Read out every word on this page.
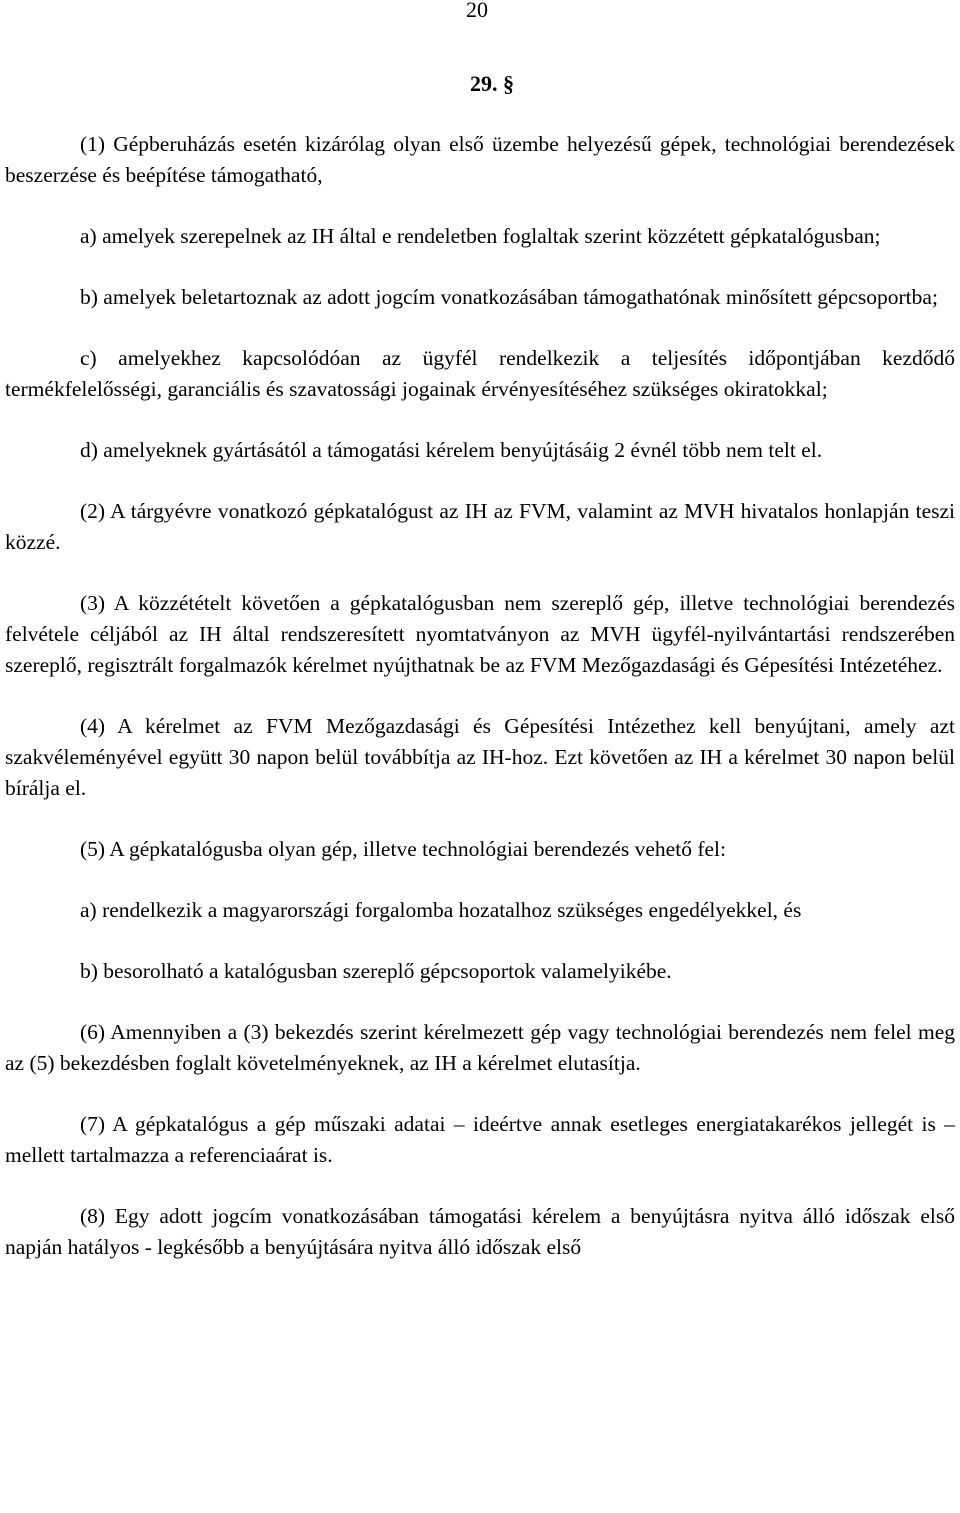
20
29. §

(1) Gépberuházás esetén kizárólag olyan első üzembe helyezésű gépek, technológiai berendezések beszerzése és beépítése támogatható,

a) amelyek szerepelnek az IH által e rendeletben foglaltak szerint közzétett gépkatalógusban;

b) amelyek beletartoznak az adott jogcím vonatkozásában támogathatónak minősített gépcsoportba;

c) amelyekhez kapcsolódóan az ügyfél rendelkezik a teljesítés időpontjában kezdődő termékfelelősségi, garanciális és szavatossági jogainak érvényesítéséhez szükséges okiratokkal;

d) amelyeknek gyártásától a támogatási kérelem benyújtásáig 2 évnél több nem telt el.

(2) A tárgyévre vonatkozó gépkatalógust az IH az FVM, valamint az MVH hivatalos honlapján teszi közzé.

(3) A közzétételt követően a gépkatalógusban nem szereplő gép, illetve technológiai berendezés felvétele céljából az IH által rendszeresített nyomtatványon az MVH ügyfél-nyilvántartási rendszerében szereplő, regisztrált forgalmazók kérelmet nyújthatnak be az FVM Mezőgazdasági és Gépesítési Intézetéhez.

(4) A kérelmet az FVM Mezőgazdasági és Gépesítési Intézethez kell benyújtani, amely azt szakvéleményével együtt 30 napon belül továbbítja az IH-hoz. Ezt követően az IH a kérelmet 30 napon belül bírálja el.

(5) A gépkatalógusba olyan gép, illetve technológiai berendezés vehető fel:

a) rendelkezik a magyarországi forgalomba hozatalhoz szükséges engedélyekkel, és

b) besorolható a katalógusban szereplő gépcsoportok valamelyikébe.

(6) Amennyiben a (3) bekezdés szerint kérelmezett gép vagy technológiai berendezés nem felel meg az (5) bekezdésben foglalt követelményeknek, az IH a kérelmet elutasítja.

(7) A gépkatalógus a gép műszaki adatai – ideértve annak esetleges energiatakarékos jellegét is – mellett tartalmazza a referenciaárat is.

(8) Egy adott jogcím vonatkozásában támogatási kérelem a benyújtásra nyitva álló időszak első napján hatályos - legkésőbb a benyújtására nyitva álló időszak első
